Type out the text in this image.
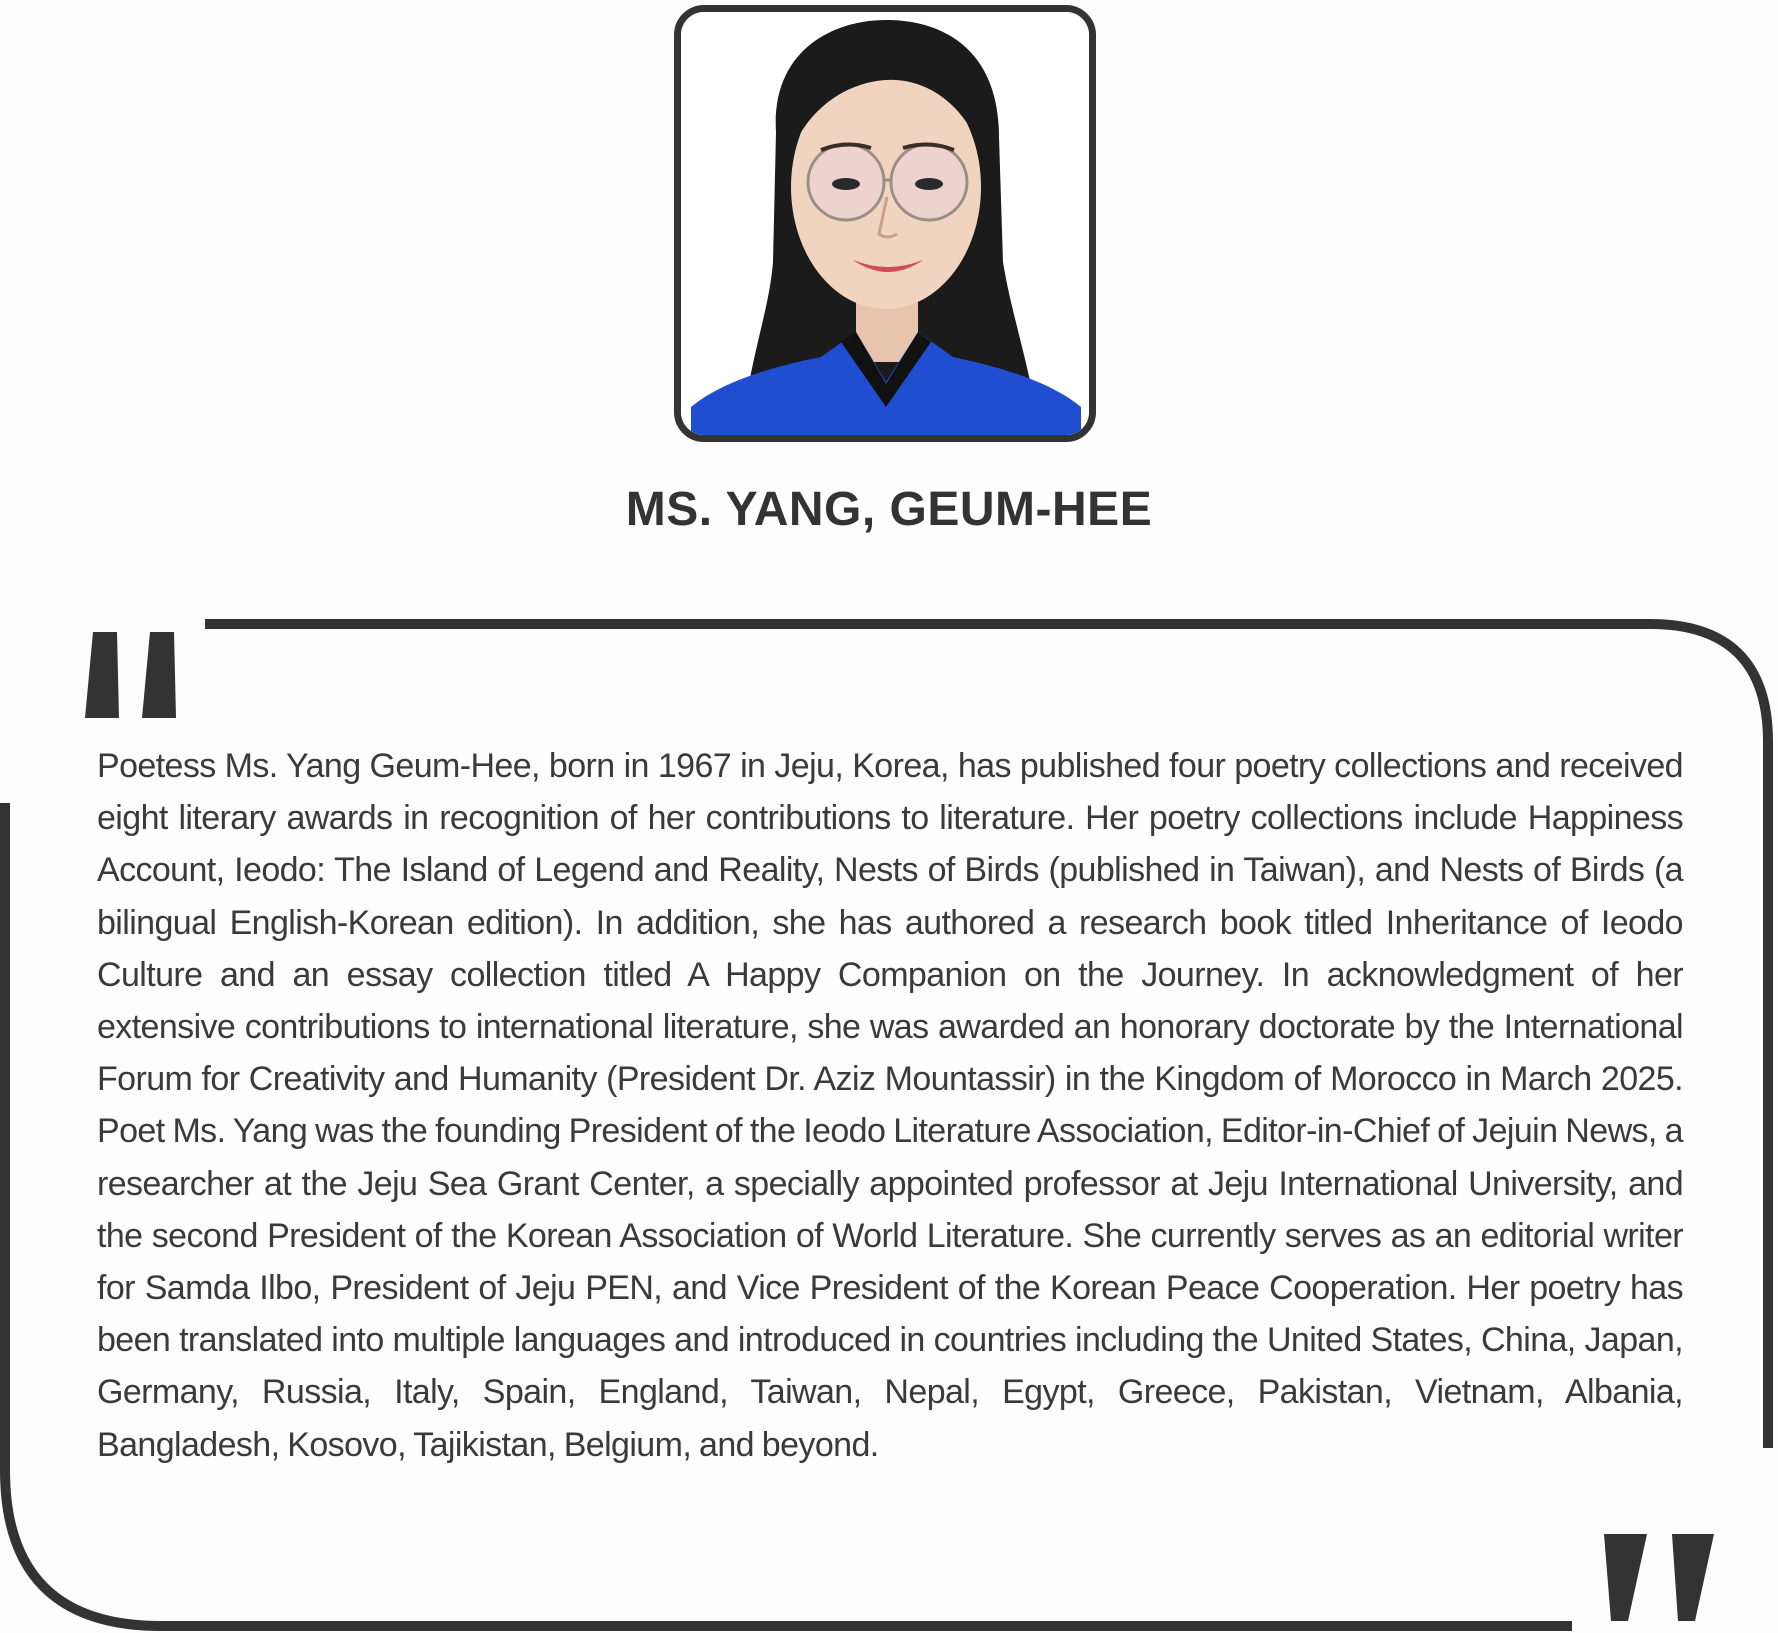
MS. YANG, GEUM-HEE

Poetess Ms. Yang Geum-Hee, born in 1967 in Jeju, Korea, has published four poetry collections and received eight literary awards in recognition of her contributions to literature. Her poetry collections include Happiness Account, Ieodo: The Island of Legend and Reality, Nests of Birds (published in Taiwan), and Nests of Birds (a bilingual English-Korean edition). In addition, she has authored a research book titled Inheritance of Ieodo Culture and an essay collection titled A Happy Companion on the Journey. In acknowledgment of her extensive contributions to international literature, she was awarded an honorary doctorate by the International Forum for Creativity and Humanity (President Dr. Aziz Mountassir) in the Kingdom of Morocco in March 2025. Poet Ms. Yang was the founding President of the Ieodo Literature Association, Editor-in-Chief of Jejuin News, a researcher at the Jeju Sea Grant Center, a specially appointed professor at Jeju International University, and the second President of the Korean Association of World Literature. She currently serves as an editorial writer for Samda Ilbo, President of Jeju PEN, and Vice President of the Korean Peace Cooperation. Her poetry has been translated into multiple languages and introduced in countries including the United States, China, Japan, Germany, Russia, Italy, Spain, England, Taiwan, Nepal, Egypt, Greece, Pakistan, Vietnam, Albania, Bangladesh, Kosovo, Tajikistan, Belgium, and beyond.
